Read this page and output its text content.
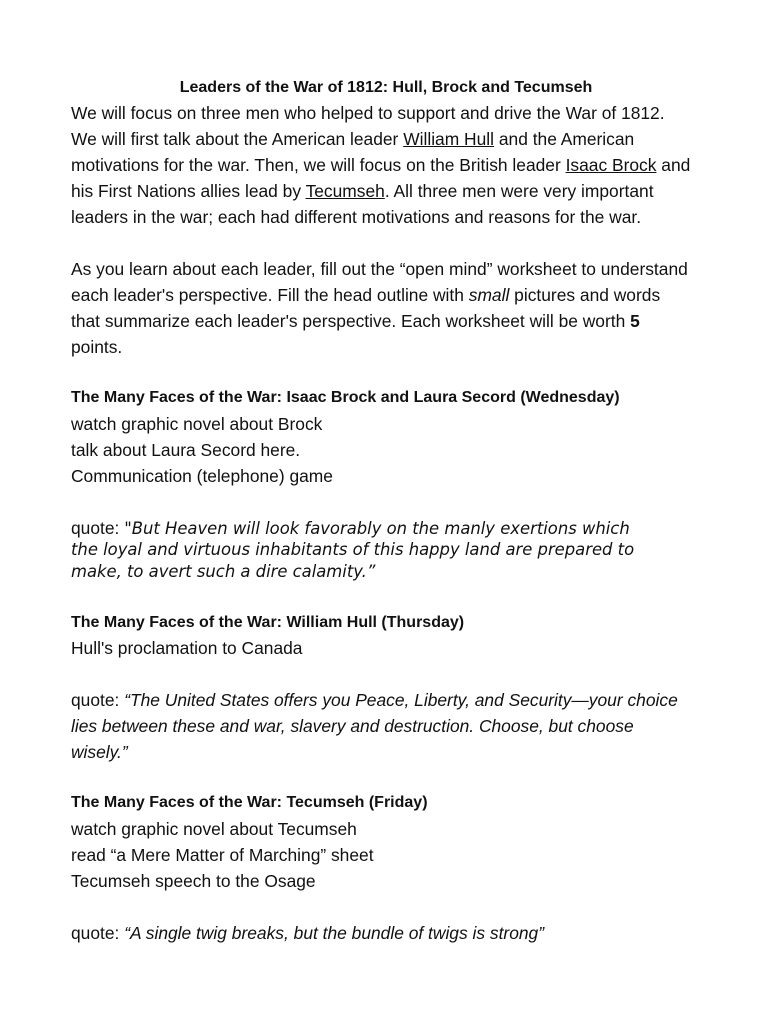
Leaders of the War of 1812: Hull, Brock and Tecumseh
We will focus on three men who helped to support and drive the War of 1812.
We will first talk about the American leader William Hull and the American
motivations for the war. Then, we will focus on the British leader Isaac Brock and
his First Nations allies lead by Tecumseh. All three men were very important
leaders in the war; each had different motivations and reasons for the war.
As you learn about each leader, fill out the “open mind” worksheet to understand
each leader's perspective. Fill the head outline with small pictures and words
that summarize each leader's perspective. Each worksheet will be worth 5
points.
The Many Faces of the War: Isaac Brock and Laura Secord (Wednesday)
watch graphic novel about Brock
talk about Laura Secord here.
Communication (telephone) game
quote: "But Heaven will look favorably on the manly exertions which
the loyal and virtuous inhabitants of this happy land are prepared to
make, to avert such a dire calamity.”
The Many Faces of the War: William Hull (Thursday)
Hull's proclamation to Canada
quote: “The United States offers you Peace, Liberty, and Security—your choice
lies between these and war, slavery and destruction. Choose, but choose
wisely.”
The Many Faces of the War: Tecumseh (Friday)
watch graphic novel about Tecumseh
read “a Mere Matter of Marching” sheet
Tecumseh speech to the Osage
quote: “A single twig breaks, but the bundle of twigs is strong”
